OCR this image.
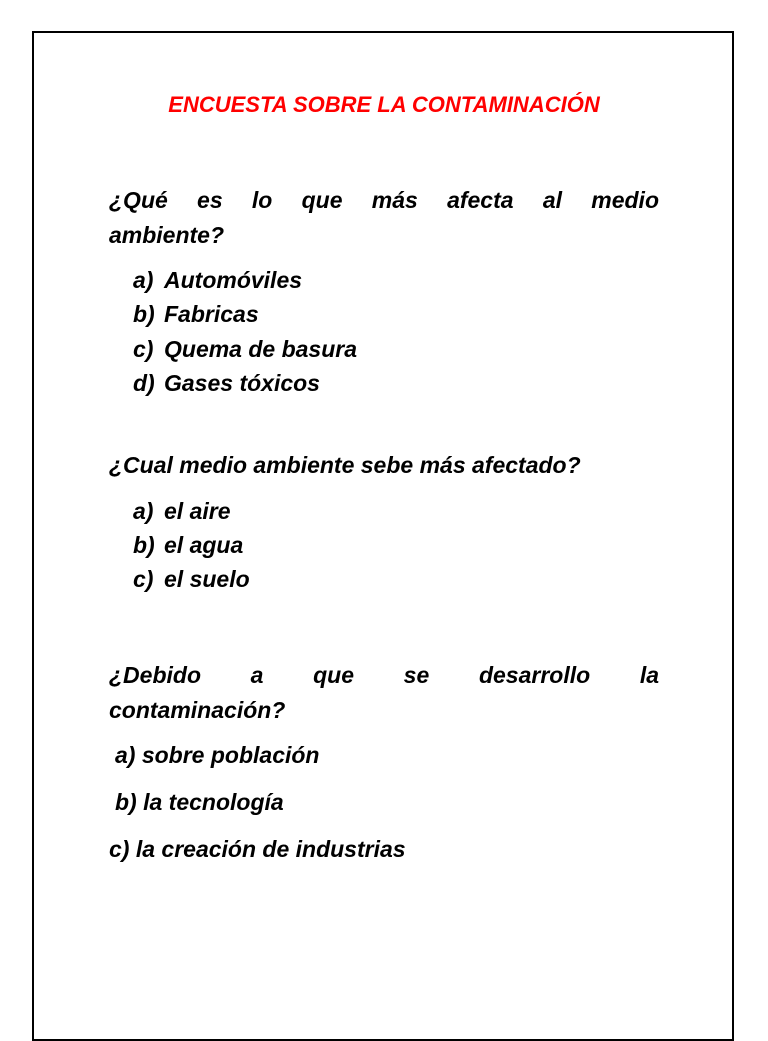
ENCUESTA SOBRE LA CONTAMINACIÓN
¿Qué es lo que más afecta al medio
ambiente?
a) Automóviles
b) Fabricas
c) Quema de basura
d) Gases tóxicos
¿Cual medio ambiente sebe más afectado?
a) el aire
b) el agua
c) el suelo
¿Debido a que se desarrollo la
contaminación?
a) sobre población
b) la tecnología
c) la creación de industrias
